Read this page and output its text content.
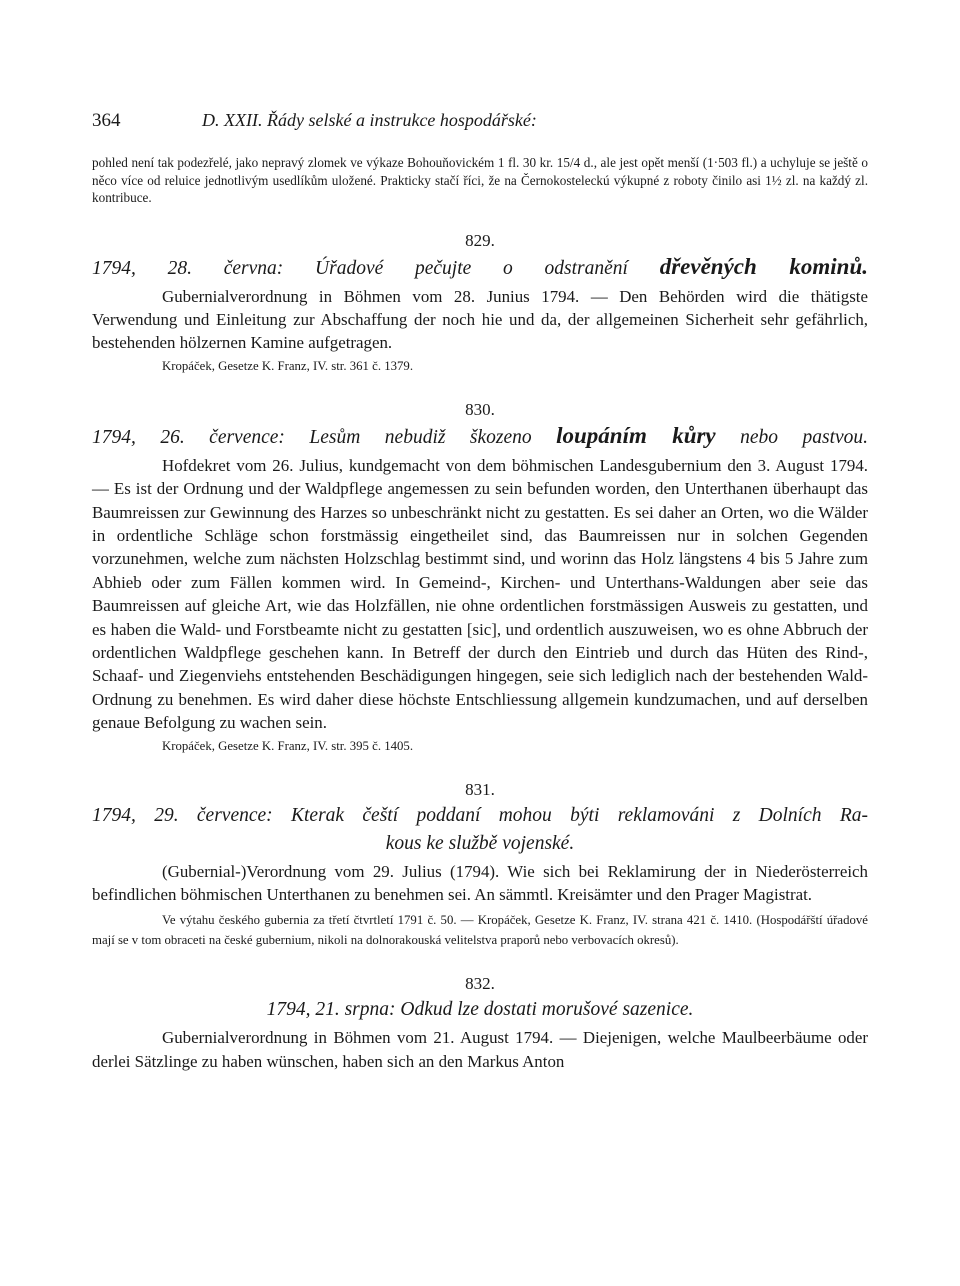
364	D. XXII. Řády selské a instrukce hospodářské:

pohled není tak podezřelé, jako nepravý zlomek ve výkaze Bohouňovickém 1 fl. 30 kr. 15/4 d., ale jest opět menší (1·503 fl.) a uchyluje se ještě o něco více od reluice jednotlivým usedlíkům uložené. Prakticky stačí říci, že na Černokosteleckú výkupné z roboty činilo asi 1½ zl. na každý zl. kontribuce.

829.
1794, 28. června: Úřadové pečujte o odstranění dřevěných kominů.

Gubernialverordnung in Böhmen vom 28. Junius 1794. — Den Behörden wird die thätigste Verwendung und Einleitung zur Abschaffung der noch hie und da, der allgemeinen Sicherheit sehr gefährlich, bestehenden hölzernen Kamine aufgetragen.

Kropáček, Gesetze K. Franz, IV. str. 361 č. 1379.
830.
1794, 26. července: Lesům nebudiž škozeno loupáním kůry nebo pastvou.

Hofdekret vom 26. Julius, kundgemacht von dem böhmischen Landesgubernium den 3. August 1794. — Es ist der Ordnung und der Waldpflege angemessen zu sein befunden worden, den Unterthanen überhaupt das Baumreissen zur Gewinnung des Harzes so unbeschränkt nicht zu gestatten. Es sei daher an Orten, wo die Wälder in ordentliche Schläge schon forstmässig eingetheilet sind, das Baumreissen nur in solchen Gegenden vorzunehmen, welche zum nächsten Holzschlag bestimmt sind, und worinn das Holz längstens 4 bis 5 Jahre zum Abhieb oder zum Fällen kommen wird. In Gemeind-, Kirchen- und Unterthans-Waldungen aber seie das Baumreissen auf gleiche Art, wie das Holzfällen, nie ohne ordentlichen forstmässigen Ausweis zu gestatten, und es haben die Wald- und Forstbeamte nicht zu gestatten [sic], und ordentlich auszuweisen, wo es ohne Abbruch der ordentlichen Waldpflege geschehen kann. In Betreff der durch den Eintrieb und durch das Hüten des Rind-, Schaaf- und Ziegenviehs entstehenden Beschädigungen hingegen, seie sich lediglich nach der bestehenden Wald-Ordnung zu benehmen. Es wird daher diese höchste Entschliessung allgemein kundzumachen, und auf derselben genaue Befolgung zu wachen sein.

Kropáček, Gesetze K. Franz, IV. str. 395 č. 1405.
831.
1794, 29. července: Kterak čeští poddaní mohou býti reklamováni z Dolních Ra-
kous ke službě vojenské.

(Gubernial-)Verordnung vom 29. Julius (1794). Wie sich bei Reklamirung der in Niederösterreich befindlichen böhmischen Unterthanen zu benehmen sei. An sämmtl. Kreisämter und den Prager Magistrat.

Ve výtahu českého gubernia za třetí čtvrtletí 1791 č. 50. — Kropáček, Gesetze K. Franz, IV. strana 421 č. 1410. (Hospodářští úřadové mají se v tom obraceti na české gubernium, nikoli na dolnorakouská velitelstva praporů nebo verbovacích okresů).

832.
1794, 21. srpna: Odkud lze dostati morušové sazenice.

Gubernialverordnung in Böhmen vom 21. August 1794. — Diejenigen, welche Maulbeerbäume oder derlei Sätzlinge zu haben wünschen, haben sich an den Markus Anton
